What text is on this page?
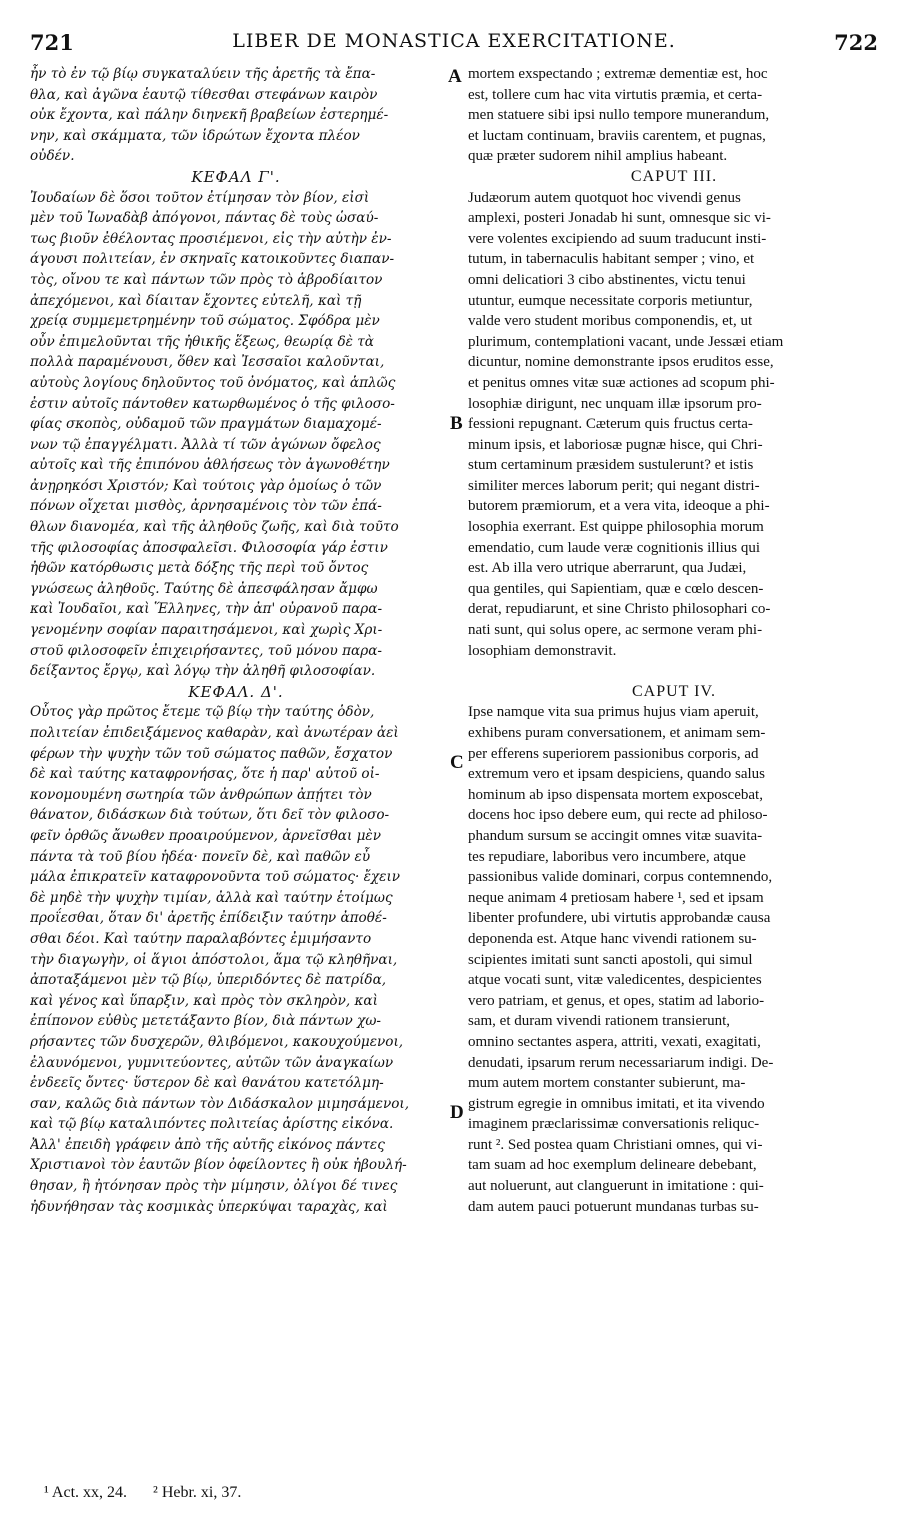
721	LIBER DE MONASTICA EXERCITATIONE.	722
ἦν τὸ ἐν τῷ βίῳ συγκαταλύειν τῆς ἀρετῆς τὰ ἔπα-
θλα, καὶ ἀγῶνα ἑαυτῷ τίθεσθαι στεφάνων καιρὸν
οὐκ ἔχοντα, καὶ πάλην διηνεκῆ βραβείων ἐστερημέ-
νην, καὶ σκάμματα, τῶν ἱδρώτων ἔχοντα πλέον
οὐδέν.
ΚΕΦΑΛ Γ'.
Ἰουδαίων δὲ ὅσοι τοῦτον ἐτίμησαν τὸν βίον, εἰσὶ
μὲν τοῦ Ἰωναδὰβ ἀπόγονοι, πάντας δὲ τοὺς ὡσαύ-
τως βιοῦν ἐθέλοντας προσιέμενοι, εἰς τὴν αὐτὴν ἐν-
άγουσι πολιτείαν, ἐν σκηναῖς κατοικοῦντες διαπαν-
τὸς, οἴνου τε καὶ πάντων τῶν πρὸς τὸ ἁβροδίαιτον
ἀπεχόμενοι, καὶ δίαιταν ἔχοντες εὐτελῆ, καὶ τῇ
χρείᾳ συμμεμετρημένην τοῦ σώματος. Σφόδρα μὲν
οὖν ἐπιμελοῦνται τῆς ἠθικῆς ἕξεως, θεωρίᾳ δὲ τὰ
πολλὰ παραμένουσι, ὅθεν καὶ Ἰεσσαῖοι καλοῦνται,
αὐτοὺς λογίους δηλοῦντος τοῦ ὀνόματος, καὶ ἁπλῶς
ἐστιν αὐτοῖς πάντοθεν κατωρθωμένος ὁ τῆς φιλοσο-
φίας σκοπὸς, οὐδαμοῦ τῶν πραγμάτων διαμαχομέ-
νων τῷ ἐπαγγέλματι. Ἀλλὰ τί τῶν ἀγώνων ὄφελος
αὐτοῖς καὶ τῆς ἐπιπόνου ἀθλήσεως τὸν ἀγωνοθέτην
ἀνῃρηκόσι Χριστόν; Καὶ τούτοις γὰρ ὁμοίως ὁ τῶν
πόνων οἴχεται μισθὸς, ἀρνησαμένοις τὸν τῶν ἐπά-
θλων διανομέα, καὶ τῆς ἀληθοῦς ζωῆς, καὶ διὰ τοῦτο
τῆς φιλοσοφίας ἀποσφαλεῖσι. Φιλοσοφία γάρ ἐστιν
ἠθῶν κατόρθωσις μετὰ δόξης τῆς περὶ τοῦ ὄντος
γνώσεως ἀληθοῦς. Ταύτης δὲ ἀπεσφάλησαν ἄμφω
καὶ Ἰουδαῖοι, καὶ Ἕλληνες, τὴν ἀπ' οὐρανοῦ παρα-
γενομένην σοφίαν παραιτησάμενοι, καὶ χωρὶς Χρι-
στοῦ φιλοσοφεῖν ἐπιχειρήσαντες, τοῦ μόνου παρα-
δείξαντος ἔργῳ, καὶ λόγῳ τὴν ἀληθῆ φιλοσοφίαν.
ΚΕΦΑΛ. Δ'.
Οὗτος γὰρ πρῶτος ἔτεμε τῷ βίῳ τὴν ταύτης ὁδὸν,
πολιτείαν ἐπιδειξάμενος καθαρὰν, καὶ ἀνωτέραν ἀεὶ
φέρων τὴν ψυχὴν τῶν τοῦ σώματος παθῶν, ἔσχατον
δὲ καὶ ταύτης καταφρονήσας, ὅτε ἡ παρ' αὐτοῦ οἰ-
κονομουμένη σωτηρία τῶν ἀνθρώπων ἀπῄτει τὸν
θάνατον, διδάσκων διὰ τούτων, ὅτι δεῖ τὸν φιλοσο-
φεῖν ὀρθῶς ἄνωθεν προαιρούμενον, ἀρνεῖσθαι μὲν
πάντα τὰ τοῦ βίου ἡδέα· πονεῖν δὲ, καὶ παθῶν εὖ
μάλα ἐπικρατεῖν καταφρονοῦντα τοῦ σώματος· ἔχειν
δὲ μηδὲ τὴν ψυχὴν τιμίαν, ἀλλὰ καὶ ταύτην ἑτοίμως
προΐεσθαι, ὅταν δι' ἀρετῆς ἐπίδειξιν ταύτην ἀποθέ-
σθαι δέοι. Καὶ ταύτην παραλαβόντες ἐμιμήσαντο
τὴν διαγωγὴν, οἱ ἅγιοι ἀπόστολοι, ἅμα τῷ κληθῆναι,
ἀποταξάμενοι μὲν τῷ βίῳ, ὑπεριδόντες δὲ πατρίδα,
καὶ γένος καὶ ὕπαρξιν, καὶ πρὸς τὸν σκληρὸν, καὶ
ἐπίπονον εὐθὺς μετετάξαντο βίον, διὰ πάντων χω-
ρήσαντες τῶν δυσχερῶν, θλιβόμενοι, κακουχούμενοι,
ἐλαυνόμενοι, γυμνιτεύοντες, αὐτῶν τῶν ἀναγκαίων
ἐνδεεῖς ὄντες· ὕστερον δὲ καὶ θανάτου κατετόλμη-
σαν, καλῶς διὰ πάντων τὸν Διδάσκαλον μιμησάμενοι,
καὶ τῷ βίῳ καταλιπόντες πολιτείας ἀρίστης εἰκόνα.
Ἀλλ' ἐπειδὴ γράφειν ἀπὸ τῆς αὐτῆς εἰκόνος πάντες
Χριστιανοὶ τὸν ἑαυτῶν βίον ὀφείλοντες ἢ οὐκ ἠβουλή-
θησαν, ἢ ἠτόνησαν πρὸς τὴν μίμησιν, ὀλίγοι δέ τινες
ἠδυνήθησαν τὰς κοσμικὰς ὑπερκύψαι ταραχὰς, καὶ
A
B
C
D
mortem exspectando ; extremæ dementiæ est, hoc
est, tollere cum hac vita virtutis præmia, et certa-
men statuere sibi ipsi nullo tempore munerandum,
et luctam continuam, braviis carentem, et pugnas,
quæ præter sudorem nihil amplius habeant.
CAPUT III.
Judæorum autem quotquot hoc vivendi genus
amplexi, posteri Jonadab hi sunt, omnesque sic vi-
vere volentes excipiendo ad suum traducunt insti-
tutum, in tabernaculis habitant semper ; vino, et
omni delicatiori 3 cibo abstinentes, victu tenui
utuntur, eumque necessitate corporis metiuntur,
valde vero student moribus componendis, et, ut
plurimum, contemplationi vacant, unde Jessæi etiam
dicuntur, nomine demonstrante ipsos eruditos esse,
et penitus omnes vitæ suæ actiones ad scopum phi-
losophiæ dirigunt, nec unquam illæ ipsorum pro-
fessioni repugnant. Cæterum quis fructus certa-
minum ipsis, et laboriosæ pugnæ hisce, qui Chri-
stum certaminum præsidem sustulerunt? et istis
similiter merces laborum perit; qui negant distri-
butorem præmiorum, et a vera vita, ideoque a phi-
losophia exerrant. Est quippe philosophia morum
emendatio, cum laude veræ cognitionis illius qui
est. Ab illa vero utrique aberrarunt, qua Judæi,
qua gentiles, qui Sapientiam, quæ e cœlo descen-
derat, repudiarunt, et sine Christo philosophari co-
nati sunt, qui solus opere, ac sermone veram phi-
losophiam demonstravit.
CAPUT IV.
Ipse namque vita sua primus hujus viam aperuit,
exhibens puram conversationem, et animam sem-
per efferens superiorem passionibus corporis, ad
extremum vero et ipsam despiciens, quando salus
hominum ab ipso dispensata mortem exposcebat,
docens hoc ipso debere eum, qui recte ad philoso-
phandum sursum se accingit omnes vitæ suavita-
tes repudiare, laboribus vero incumbere, atque
passionibus valide dominari, corpus contemnendo,
neque animam 4 pretiosam habere ¹, sed et ipsam
libenter profundere, ubi virtutis approbandæ causa
deponenda est. Atque hanc vivendi rationem su-
scipientes imitati sunt sancti apostoli, qui simul
atque vocati sunt, vitæ valedicentes, despicientes
vero patriam, et genus, et opes, statim ad laborio-
sam, et duram vivendi rationem transierunt,
omnino sectantes aspera, attriti, vexati, exagitati,
denudati, ipsarum rerum necessariarum indigi. De-
mum autem mortem constanter subierunt, ma-
gistrum egregie in omnibus imitati, et ita vivendo
imaginem præclarissimæ conversationis reliquc-
runt ². Sed postea quam Christiani omnes, qui vi-
tam suam ad hoc exemplum delineare debebant,
aut noluerunt, aut clanguerunt in imitatione : qui-
dam autem pauci potuerunt mundanas turbas su-
¹ Act. xx, 24. ² Hebr. xi, 37.
